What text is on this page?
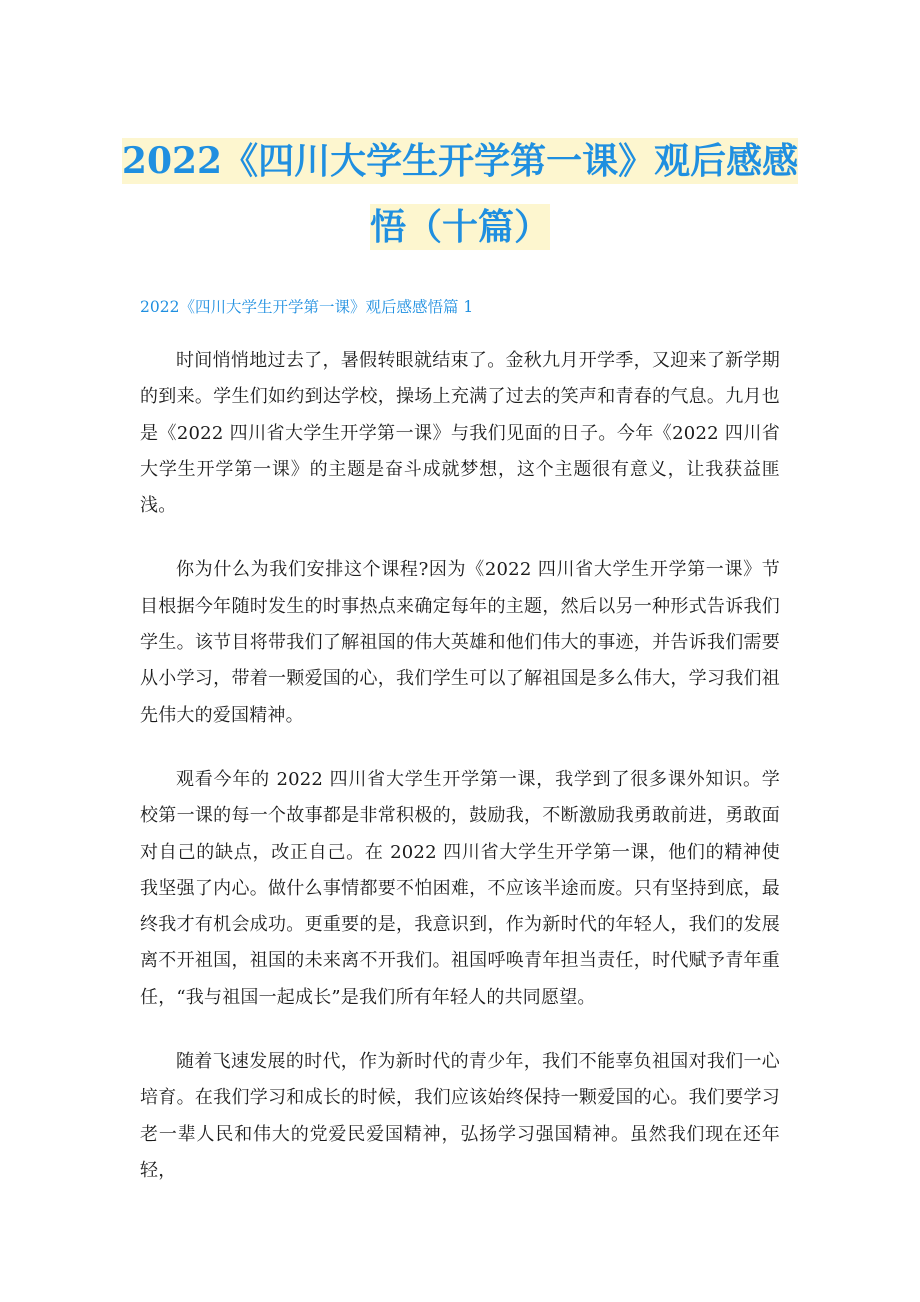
2022《四川大学生开学第一课》观后感感
悟（十篇）

2022《四川大学生开学第一课》观后感感悟篇 1

时间悄悄地过去了，暑假转眼就结束了。金秋九月开学季，又迎来了新学期的到来。学生们如约到达学校，操场上充满了过去的笑声和青春的气息。九月也是《2022 四川省大学生开学第一课》与我们见面的日子。今年《2022 四川省大学生开学第一课》的主题是奋斗成就梦想，这个主题很有意义，让我获益匪浅。

你为什么为我们安排这个课程?因为《2022 四川省大学生开学第一课》节目根据今年随时发生的时事热点来确定每年的主题，然后以另一种形式告诉我们学生。该节目将带我们了解祖国的伟大英雄和他们伟大的事迹，并告诉我们需要从小学习，带着一颗爱国的心，我们学生可以了解祖国是多么伟大，学习我们祖先伟大的爱国精神。

观看今年的 2022 四川省大学生开学第一课，我学到了很多课外知识。学校第一课的每一个故事都是非常积极的，鼓励我，不断激励我勇敢前进，勇敢面对自己的缺点，改正自己。在 2022 四川省大学生开学第一课，他们的精神使我坚强了内心。做什么事情都要不怕困难，不应该半途而废。只有坚持到底，最终我才有机会成功。更重要的是，我意识到，作为新时代的年轻人，我们的发展离不开祖国，祖国的未来离不开我们。祖国呼唤青年担当责任，时代赋予青年重任，“我与祖国一起成长”是我们所有年轻人的共同愿望。

随着飞速发展的时代，作为新时代的青少年，我们不能辜负祖国对我们一心培育。在我们学习和成长的时候，我们应该始终保持一颗爱国的心。我们要学习老一辈人民和伟大的党爱民爱国精神，弘扬学习强国精神。虽然我们现在还年轻，
